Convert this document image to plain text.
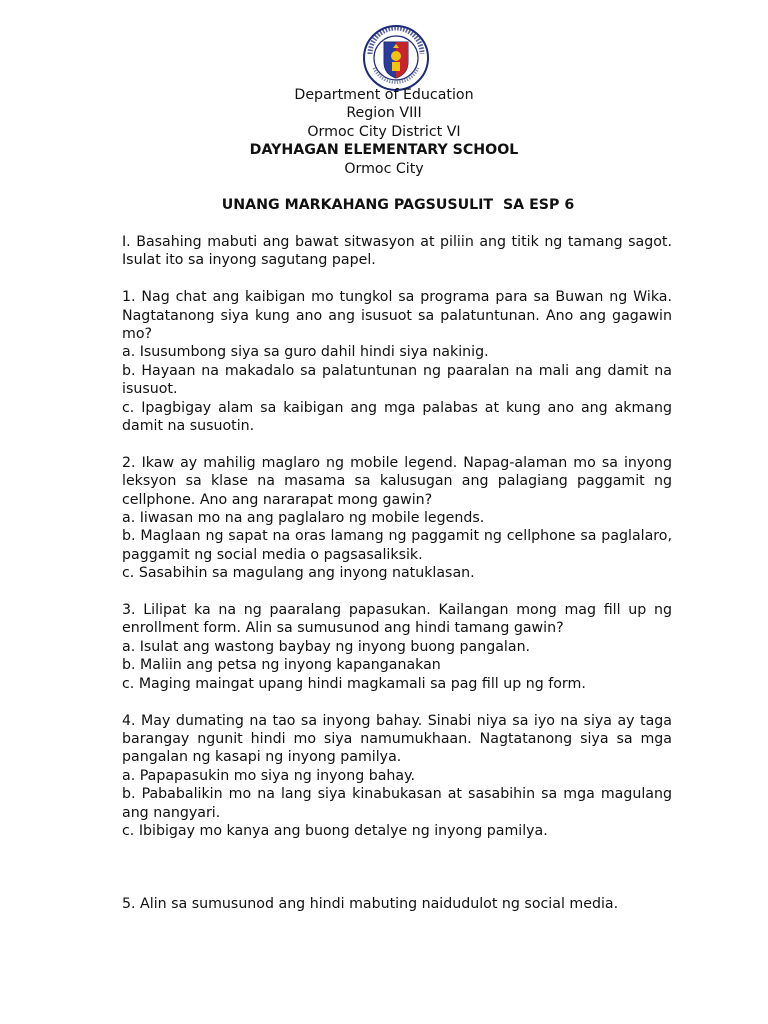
Department of Education
Region VIII
Ormoc City District VI
DAYHAGAN ELEMENTARY SCHOOL
Ormoc City
UNANG MARKAHANG PAGSUSULIT  SA ESP 6

I. Basahing mabuti ang bawat sitwasyon at piliin ang titik ng tamang sagot. Isulat ito sa inyong sagutang papel.

1. Nag chat ang kaibigan mo tungkol sa programa para sa Buwan ng Wika. Nagtatanong siya kung ano ang isusuot sa palatuntunan. Ano ang gagawin mo?

a. Isusumbong siya sa guro dahil hindi siya nakinig.

b. Hayaan na makadalo sa palatuntunan ng paaralan na mali ang damit na isusuot.

c. Ipagbigay alam sa kaibigan ang mga palabas at kung ano ang akmang damit na susuotin.

2. Ikaw ay mahilig maglaro ng mobile legend. Napag-alaman mo sa inyong leksyon sa klase na masama sa kalusugan ang palagiang paggamit ng cellphone. Ano ang nararapat mong gawin?

a. Iiwasan mo na ang paglalaro ng mobile legends.

b. Maglaan ng sapat na oras lamang ng paggamit ng cellphone sa paglalaro, paggamit ng social media o pagsasaliksik.

c. Sasabihin sa magulang ang inyong natuklasan.

3. Lilipat ka na ng paaralang papasukan. Kailangan mong mag fill up ng enrollment form. Alin sa sumusunod ang hindi tamang gawin?

a. Isulat ang wastong baybay ng inyong buong pangalan.

b. Maliin ang petsa ng inyong kapanganakan

c. Maging maingat upang hindi magkamali sa pag fill up ng form.

4. May dumating na tao sa inyong bahay. Sinabi niya sa iyo na siya ay taga barangay ngunit hindi mo siya namumukhaan. Nagtatanong siya sa mga pangalan ng kasapi ng inyong pamilya.

a. Papapasukin mo siya ng inyong bahay.

b. Pababalikin mo na lang siya kinabukasan at sasabihin sa mga magulang ang nangyari.

c. Ibibigay mo kanya ang buong detalye ng inyong pamilya.

5. Alin sa sumusunod ang hindi mabuting naidudulot ng social media.
